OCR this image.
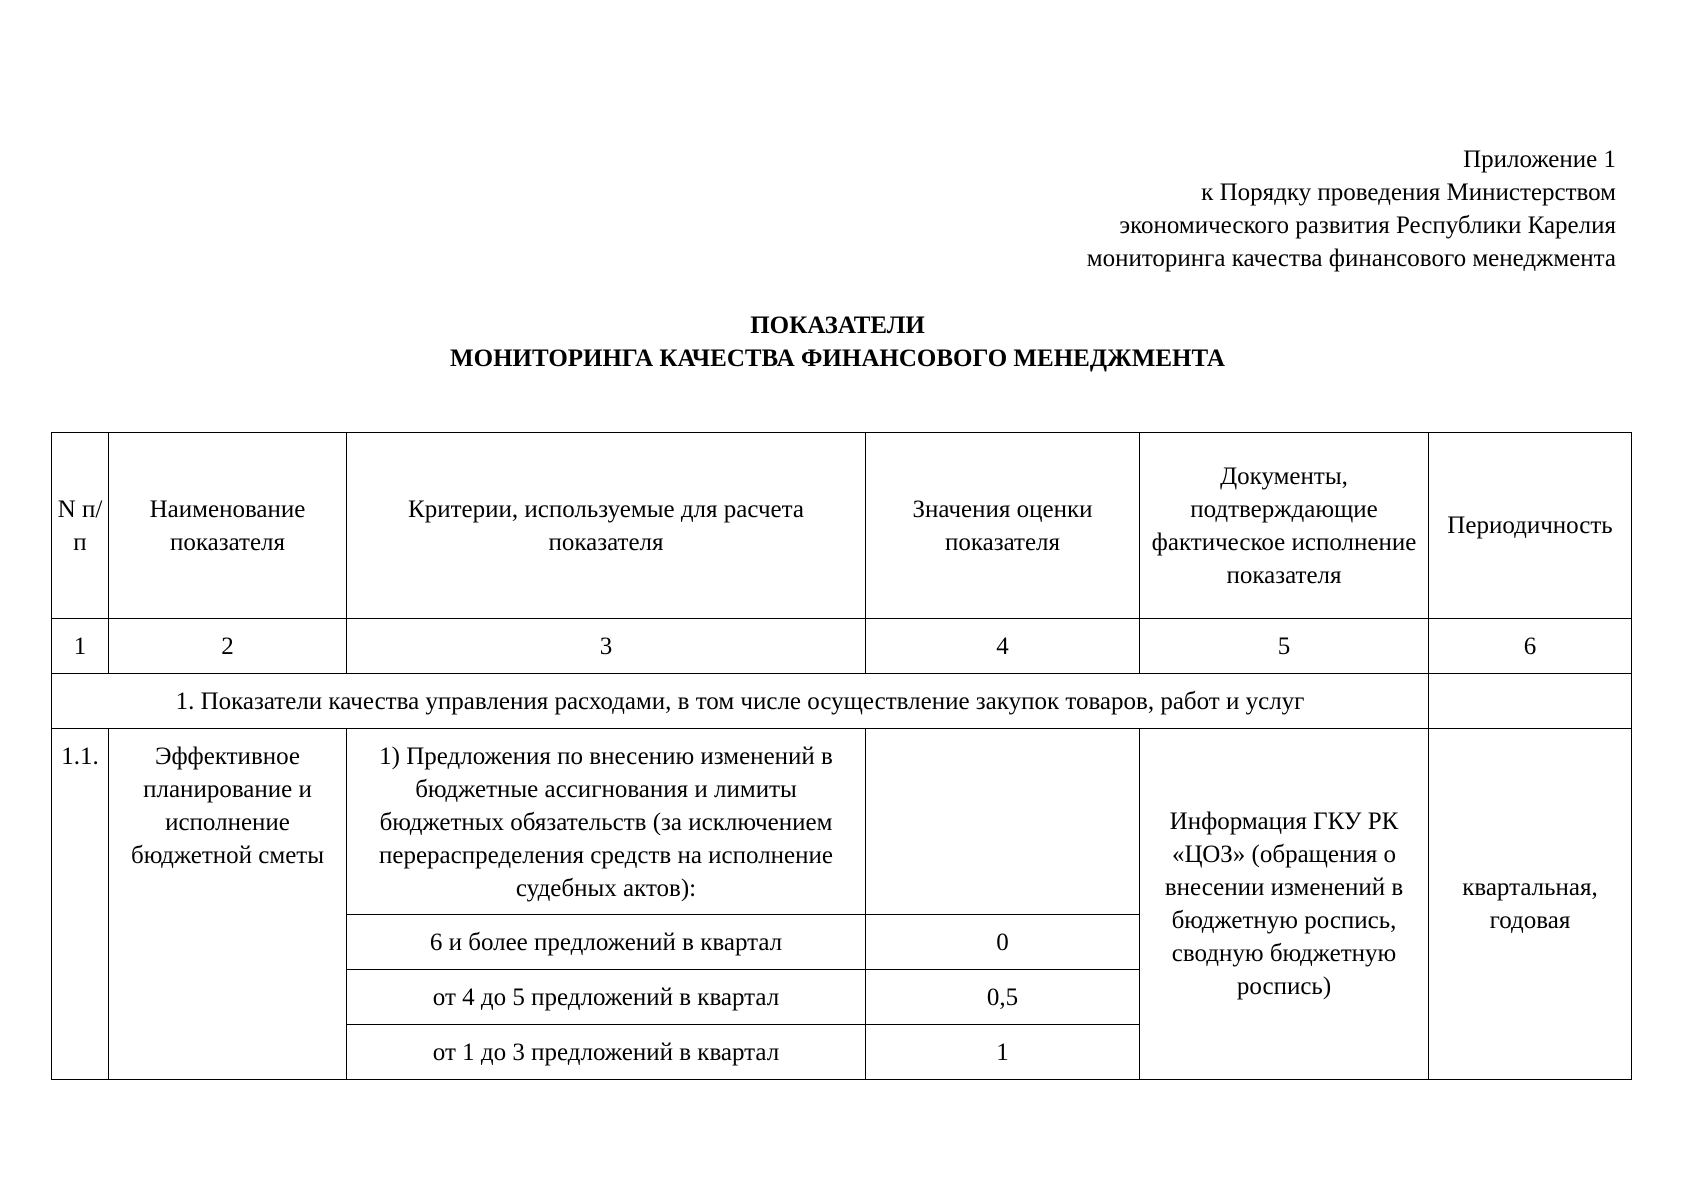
Приложение 1
к Порядку проведения Министерством
экономического развития Республики Карелия
мониторинга качества финансового менеджмента
ПОКАЗАТЕЛИ
МОНИТОРИНГА КАЧЕСТВА ФИНАНСОВОГО МЕНЕДЖМЕНТА
N п/п	Наименование показателя	Критерии, используемые для расчета показателя	Значения оценки показателя	Документы, подтверждающие фактическое исполнение показателя	Периодичность
1	2	3	4	5	6
1. Показатели качества управления расходами, в том числе осуществление закупок товаров, работ и услуг					
1.1.	Эффективное планирование и исполнение бюджетной сметы	1) Предложения по внесению изменений в бюджетные ассигнования и лимиты бюджетных обязательств (за исключением перераспределения средств на исполнение судебных актов):		Информация ГКУ РК «ЦОЗ» (обращения о внесении изменений в бюджетную роспись, сводную бюджетную роспись)	квартальная, годовая
		6 и более предложений в квартал	0		
		от 4 до 5 предложений в квартал	0,5		
		от 1 до 3 предложений в квартал	1		
